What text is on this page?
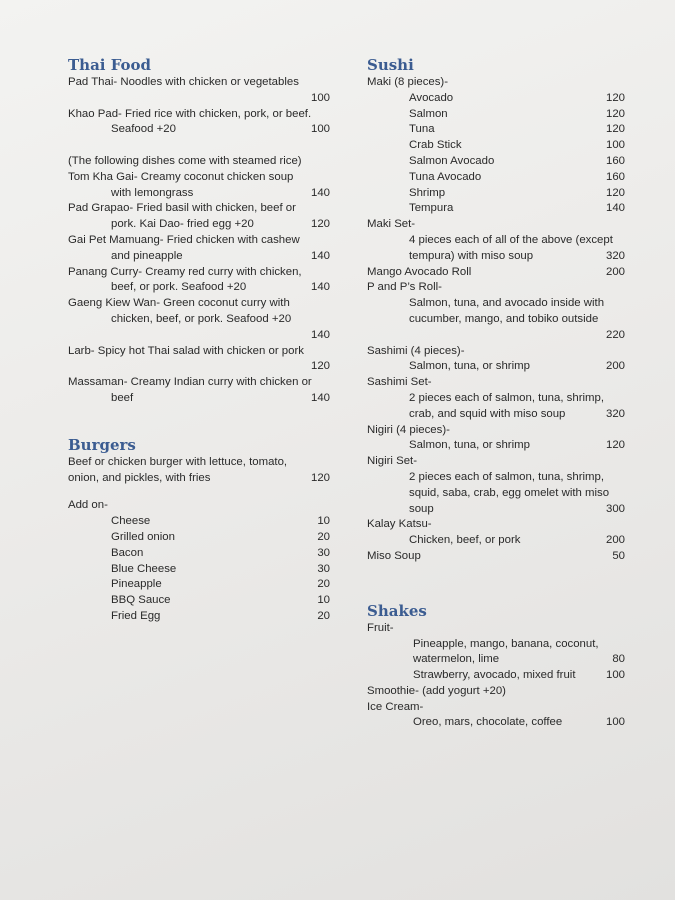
Thai Food
Pad Thai- Noodles with chicken or vegetables
100
Khao Pad- Fried rice with chicken, pork, or beef.
Seafood +20	100
(The following dishes come with steamed rice)
Tom Kha Gai- Creamy coconut chicken soup
with lemongrass	140
Pad Grapao- Fried basil with chicken, beef or
pork. Kai Dao- fried egg +20	120
Gai Pet Mamuang- Fried chicken with cashew
and pineapple	140
Panang Curry- Creamy red curry with chicken,
beef, or pork. Seafood +20	140
Gaeng Kiew Wan- Green coconut curry with
chicken, beef, or pork. Seafood +20
140
Larb- Spicy hot Thai salad with chicken or pork
120
Massaman- Creamy Indian curry with chicken or
beef	140
Burgers
Beef or chicken burger with lettuce, tomato,
onion, and pickles, with fries	120
Add on-
Cheese	10
Grilled onion	20
Bacon	30
Blue Cheese	30
Pineapple	20
BBQ Sauce	10
Fried Egg	20
Sushi
Maki (8 pieces)-
Avocado	120
Salmon	120
Tuna	120
Crab Stick	100
Salmon Avocado	160
Tuna Avocado	160
Shrimp	120
Tempura	140
Maki Set-
4 pieces each of all of the above (except
tempura) with miso soup	320
Mango Avocado Roll	200
P and P’s Roll-
Salmon, tuna, and avocado inside with
cucumber, mango, and tobiko outside
220
Sashimi (4 pieces)-
Salmon, tuna, or shrimp	200
Sashimi Set-
2 pieces each of salmon, tuna, shrimp,
crab, and squid with miso soup	320
Nigiri (4 pieces)-
Salmon, tuna, or shrimp	120
Nigiri Set-
2 pieces each of salmon, tuna, shrimp,
squid, saba, crab, egg omelet with miso
soup	300
Kalay Katsu-
Chicken, beef, or pork	200
Miso Soup	50
Shakes
Fruit-
Pineapple, mango, banana, coconut,
watermelon, lime	80
Strawberry, avocado, mixed fruit	100
Smoothie- (add yogurt +20)
Ice Cream-
Oreo, mars, chocolate, coffee	100
